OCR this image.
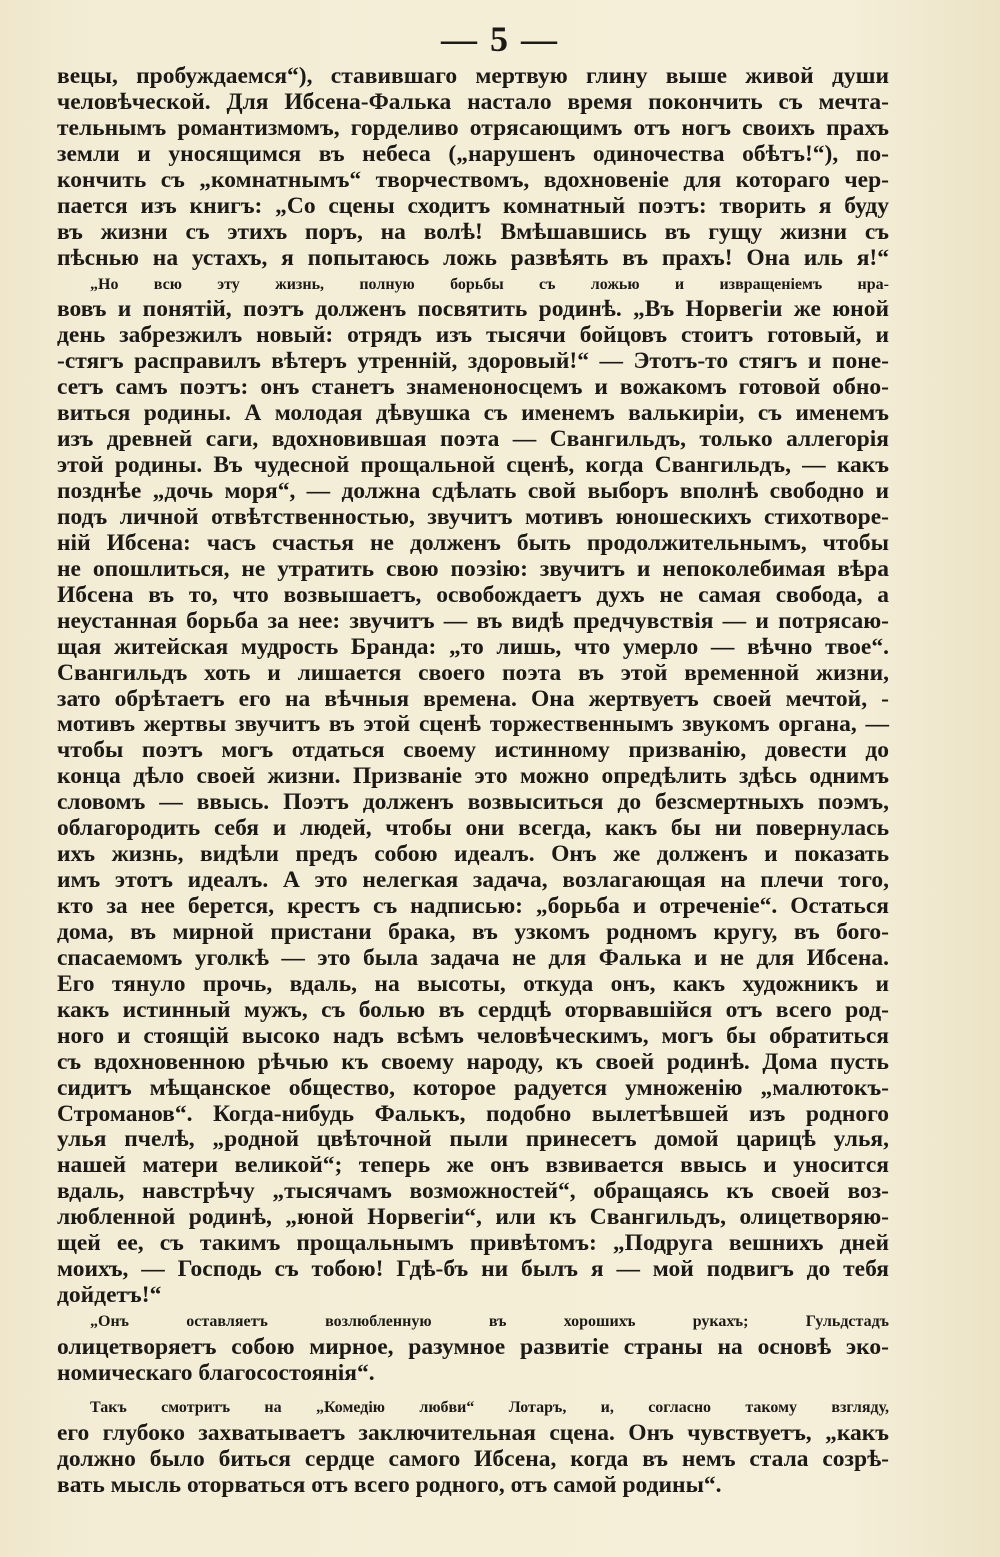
— 5 —
вецы, пробуждаемся“), ставившаго мертвую глину выше живой души
человѣческой. Для Ибсена-Фалька настало время покончить съ мечта-
тельнымъ романтизмомъ, горделиво отрясающимъ отъ ногъ своихъ прахъ
земли и уносящимся въ небеса („нарушенъ одиночества обѣтъ!“), по-
кончить съ „комнатнымъ“ творчествомъ, вдохновеніе для котораго чер-
пается изъ книгъ: „Со сцены сходитъ комнатный поэтъ: творить я буду
въ жизни съ этихъ поръ, на волѣ! Вмѣшавшись въ гущу жизни съ
пѣснью на устахъ, я попытаюсь ложь развѣять въ прахъ! Она иль я!“
„Но всю эту жизнь, полную борьбы съ ложью и извращеніемъ нра-
вовъ и понятій, поэтъ долженъ посвятить родинѣ. „Въ Норвегіи же юной
день забрезжилъ новый: отрядъ изъ тысячи бойцовъ стоитъ готовый, и
-стягъ расправилъ вѣтеръ утренній, здоровый!“ — Этотъ-то стягъ и поне-
сетъ самъ поэтъ: онъ станетъ знаменоносцемъ и вожакомъ готовой обно-
виться родины. А молодая дѣвушка съ именемъ валькиріи, съ именемъ
изъ древней саги, вдохновившая поэта — Свангильдъ, только аллегорія
этой родины. Въ чудесной прощальной сценѣ, когда Свангильдъ, — какъ
позднѣе „дочь моря“, — должна сдѣлать свой выборъ вполнѣ свободно и
подъ личной отвѣтственностью, звучитъ мотивъ юношескихъ стихотворе-
ній Ибсена: часъ счастья не долженъ быть продолжительнымъ, чтобы
не опошлиться, не утратить свою поэзію: звучитъ и непоколебимая вѣра
Ибсена въ то, что возвышаетъ, освобождаетъ духъ не самая свобода, а
неустанная борьба за нее: звучитъ — въ видѣ предчувствія — и потрясаю-
щая житейская мудрость Бранда: „то лишь, что умерло — вѣчно твое“.
Свангильдъ хоть и лишается своего поэта въ этой временной жизни,
зато обрѣтаетъ его на вѣчныя времена. Она жертвуетъ своей мечтой, -
мотивъ жертвы звучитъ въ этой сценѣ торжественнымъ звукомъ органа, —
чтобы поэтъ могъ отдаться своему истинному призванію, довести до
конца дѣло своей жизни. Призваніе это можно опредѣлить здѣсь однимъ
словомъ — ввысь. Поэтъ долженъ возвыситься до безсмертныхъ поэмъ,
облагородить себя и людей, чтобы они всегда, какъ бы ни повернулась
ихъ жизнь, видѣли предъ собою идеалъ. Онъ же долженъ и показать
имъ этотъ идеалъ. А это нелегкая задача, возлагающая на плечи того,
кто за нее берется, крестъ съ надписью: „борьба и отреченіе“. Остаться
дома, въ мирной пристани брака, въ узкомъ родномъ кругу, въ бого-
спасаемомъ уголкѣ — это была задача не для Фалька и не для Ибсена.
Его тянуло прочь, вдаль, на высоты, откуда онъ, какъ художникъ и
какъ истинный мужъ, съ болью въ сердцѣ оторвавшійся отъ всего род-
ного и стоящій высоко надъ всѣмъ человѣческимъ, могъ бы обратиться
съ вдохновенною рѣчью къ своему народу, къ своей родинѣ. Дома пусть
сидитъ мѣщанское общество, которое радуется умноженію „малютокъ-
Строманов“. Когда-нибудь Фалькъ, подобно вылетѣвшей изъ родного
улья пчелѣ, „родной цвѣточной пыли принесетъ домой царицѣ улья,
нашей матери великой“; теперь же онъ взвивается ввысь и уносится
вдаль, навстрѣчу „тысячамъ возможностей“, обращаясь къ своей воз-
любленной родинѣ, „юной Норвегіи“, или къ Свангильдъ, олицетворяю-
щей ее, съ такимъ прощальнымъ привѣтомъ: „Подруга вешнихъ дней
моихъ, — Господь съ тобою! Гдѣ-бъ ни былъ я — мой подвигъ до тебя
дойдетъ!“
„Онъ оставляетъ возлюбленную въ хорошихъ рукахъ; Гульдстадъ
олицетворяетъ собою мирное, разумное развитіе страны на основѣ эко-
номическаго благосостоянія“.
Такъ смотритъ на „Комедію любви“ Лотаръ, и, согласно такому взгляду,
его глубоко захватываетъ заключительная сцена. Онъ чувствуетъ, „какъ
должно было биться сердце самого Ибсена, когда въ немъ стала созрѣ-
вать мысль оторваться отъ всего родного, отъ самой родины“.
